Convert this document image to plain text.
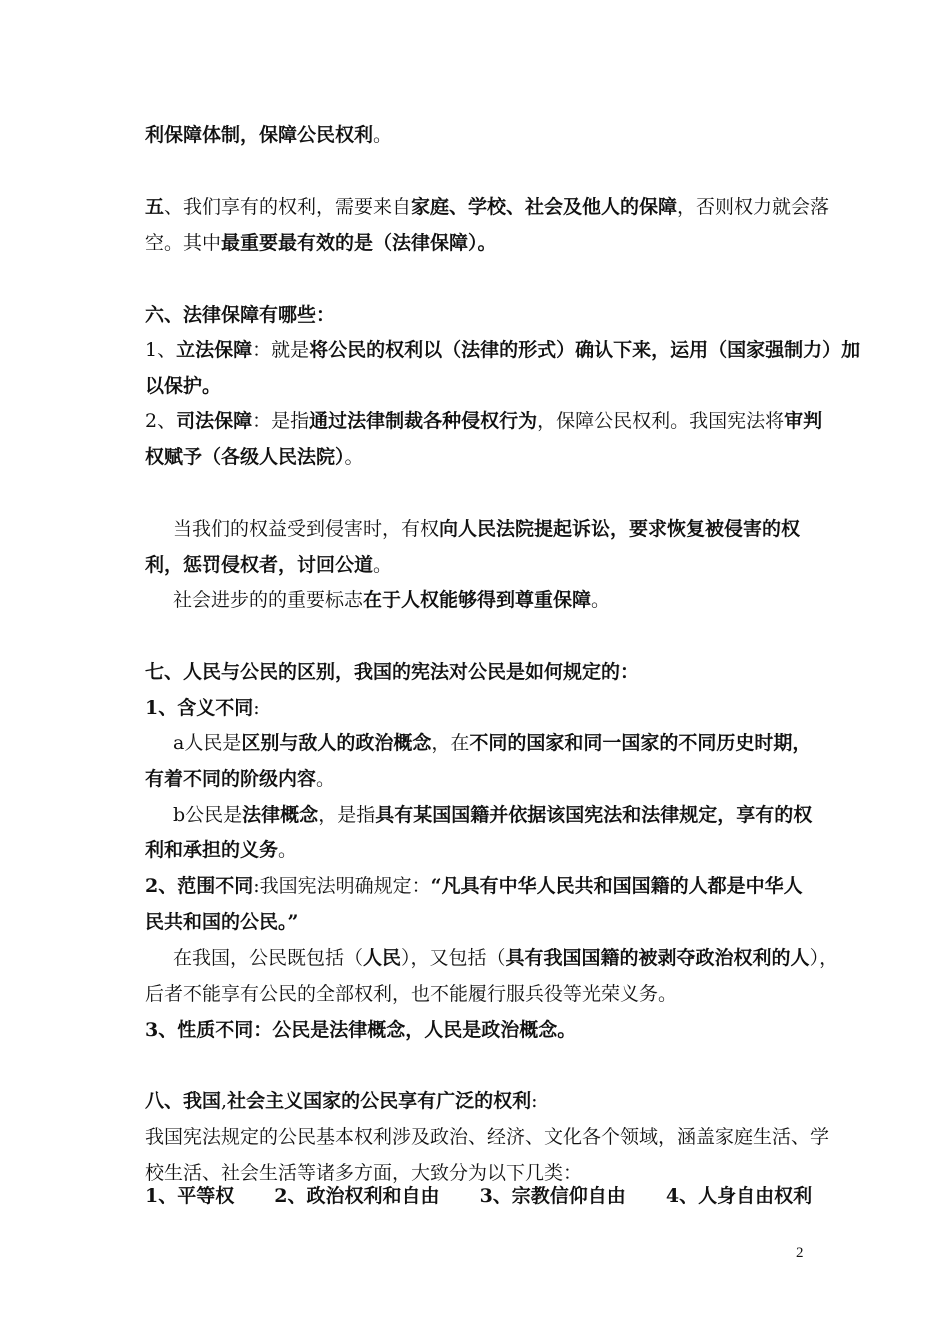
利保障体制，保障公民权利。
五、我们享有的权利，需要来自家庭、学校、社会及他人的保障，否则权力就会落
空。其中最重要最有效的是（法律保障）。
六、法律保障有哪些：
1、立法保障：就是将公民的权利以（法律的形式）确认下来，运用（国家强制力）加
以保护。
2、司法保障：是指通过法律制裁各种侵权行为，保障公民权利。我国宪法将审判
权赋予（各级人民法院）。
当我们的权益受到侵害时，有权向人民法院提起诉讼，要求恢复被侵害的权
利，惩罚侵权者，讨回公道。
社会进步的的重要标志在于人权能够得到尊重保障。
七、人民与公民的区别，我国的宪法对公民是如何规定的：
1、含义不同:
a人民是区别与敌人的政治概念，在不同的国家和同一国家的不同历史时期，
有着不同的阶级内容。
b公民是法律概念，是指具有某国国籍并依据该国宪法和法律规定，享有的权
利和承担的义务。
2、范围不同:我国宪法明确规定：“凡具有中华人民共和国国籍的人都是中华人
民共和国的公民。”
在我国，公民既包括（人民），又包括（具有我国国籍的被剥夺政治权利的人），
后者不能享有公民的全部权利，也不能履行服兵役等光荣义务。
3、性质不同：公民是法律概念，人民是政治概念。
八、我国,社会主义国家的公民享有广泛的权利:
我国宪法规定的公民基本权利涉及政治、经济、文化各个领域，涵盖家庭生活、学
校生活、社会生活等诸多方面，大致分为以下几类：
1、平等权 2、政治权利和自由 3、宗教信仰自由 4、人身自由权利
2
